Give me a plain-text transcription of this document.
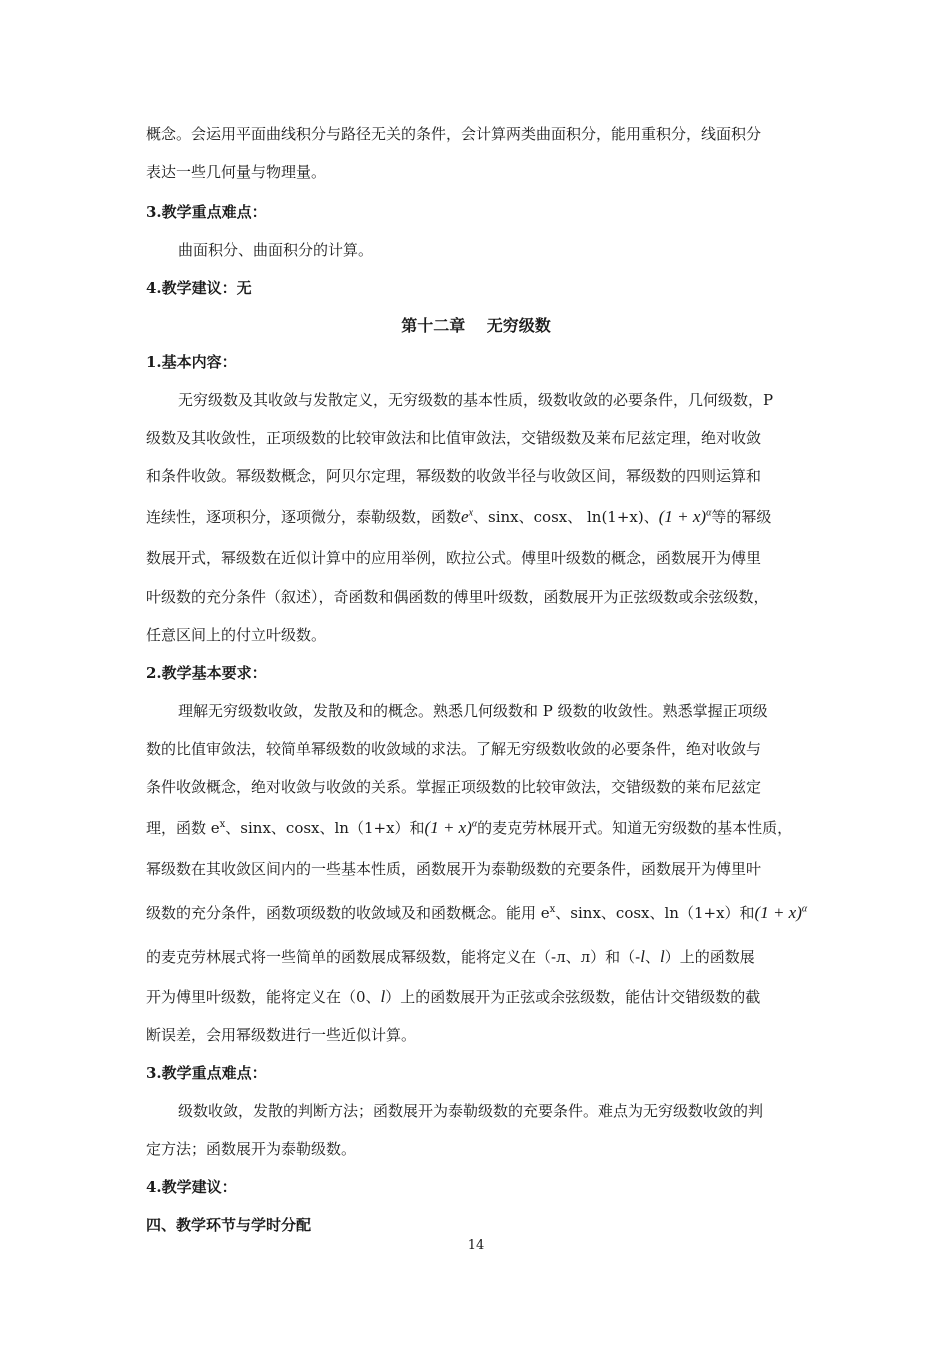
概念。会运用平面曲线积分与路径无关的条件，会计算两类曲面积分，能用重积分，线面积分
表达一些几何量与物理量。
3.教学重点难点：
曲面积分、曲面积分的计算。
4.教学建议：无
第十二章　 无穷级数
1.基本内容：
无穷级数及其收敛与发散定义，无穷级数的基本性质，级数收敛的必要条件，几何级数，P
级数及其收敛性，正项级数的比较审敛法和比值审敛法，交错级数及莱布尼兹定理，绝对收敛
和条件收敛。幂级数概念，阿贝尔定理，幂级数的收敛半径与收敛区间，幂级数的四则运算和
连续性，逐项积分，逐项微分，泰勒级数，函数$e^x$、sinx、cosx、 ln(1+x)、$(1 + x)^\alpha$等的幂级
数展开式，幂级数在近似计算中的应用举例，欧拉公式。傅里叶级数的概念，函数展开为傅里
叶级数的充分条件（叙述），奇函数和偶函数的傅里叶级数，函数展开为正弦级数或余弦级数，
任意区间上的付立叶级数。
2.教学基本要求：
理解无穷级数收敛，发散及和的概念。熟悉几何级数和 P 级数的收敛性。熟悉掌握正项级
数的比值审敛法，较简单幂级数的收敛域的求法。了解无穷级数收敛的必要条件，绝对收敛与
条件收敛概念，绝对收敛与收敛的关系。掌握正项级数的比较审敛法，交错级数的莱布尼兹定
理，函数 $e^x$、sinx、cosx、ln（1+x）和$(1 + x)^\alpha$的麦克劳林展开式。知道无穷级数的基本性质，
幂级数在其收敛区间内的一些基本性质，函数展开为泰勒级数的充要条件，函数展开为傅里叶
级数的充分条件，函数项级数的收敛域及和函数概念。能用 $e^x$、sinx、cosx、ln（1+x）和$(1 + x)^\alpha$
的麦克劳林展式将一些简单的函数展成幂级数，能将定义在（-л、л）和（-l、l）上的函数展
开为傅里叶级数，能将定义在（0、l）上的函数展开为正弦或余弦级数，能估计交错级数的截
断误差，会用幂级数进行一些近似计算。
3.教学重点难点：
级数收敛，发散的判断方法；函数展开为泰勒级数的充要条件。难点为无穷级数收敛的判
定方法；函数展开为泰勒级数。
4.教学建议：
四、教学环节与学时分配
14
